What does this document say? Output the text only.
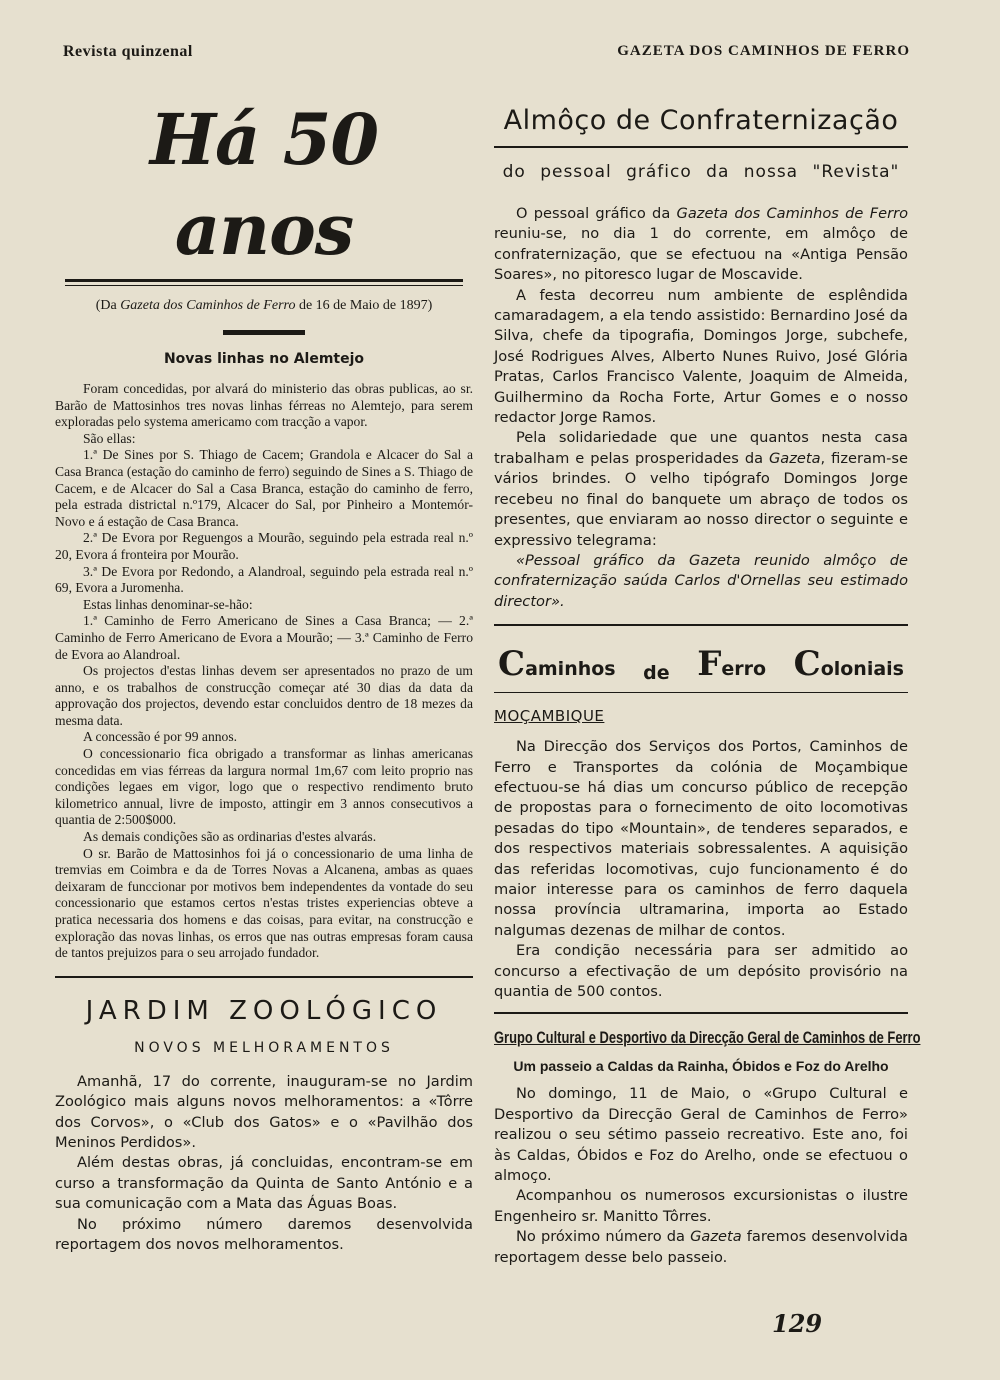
Revista quinzenal	GAZETA DOS CAMINHOS DE FERRO
Há 50 anos
(Da Gazeta dos Caminhos de Ferro de 16 de Maio de 1897)
Novas linhas no Alemtejo

Foram concedidas, por alvará do ministerio das obras publicas, ao sr. Barão de Mattosinhos tres novas linhas férreas no Alemtejo, para serem exploradas pelo systema americamo com tracção a vapor.

São ellas:

1.ª De Sines por S. Thiago de Cacem; Grandola e Alcacer do Sal a Casa Branca (estação do caminho de ferro) seguindo de Sines a S. Thiago de Cacem, e de Alcacer do Sal a Casa Branca, estação do caminho de ferro, pela estrada districtal n.º179, Alcacer do Sal, por Pinheiro a Montemór-Novo e á estação de Casa Branca.

2.ª De Evora por Reguengos a Mourão, seguindo pela estrada real n.º 20, Evora á fronteira por Mourão.

3.ª De Evora por Redondo, a Alandroal, seguindo pela estrada real n.º 69, Evora a Juromenha.

Estas linhas denominar-se-hão:

1.ª Caminho de Ferro Americano de Sines a Casa Branca; — 2.ª Caminho de Ferro Americano de Evora a Mourão; — 3.ª Caminho de Ferro de Evora ao Alandroal.

Os projectos d'estas linhas devem ser apresentados no prazo de um anno, e os trabalhos de construcção começar até 30 dias da data da approvação dos projectos, devendo estar concluidos dentro de 18 mezes da mesma data.

A concessão é por 99 annos.

O concessionario fica obrigado a transformar as linhas americanas concedidas em vias férreas da largura normal 1m,67 com leito proprio nas condições legaes em vigor, logo que o respectivo rendimento bruto kilometrico annual, livre de imposto, attingir em 3 annos consecutivos a quantia de 2:500$000.

As demais condições são as ordinarias d'estes alvarás.

O sr. Barão de Mattosinhos foi já o concessionario de uma linha de tremvias em Coimbra e da de Torres Novas a Alcanena, ambas as quaes deixaram de funccionar por motivos bem independentes da vontade do seu concessionario que estamos certos n'estas tristes experiencias obteve a pratica necessaria dos homens e das coisas, para evitar, na construcção e exploração das novas linhas, os erros que nas outras empresas foram causa de tantos prejuizos para o seu arrojado fundador.

JARDIM ZOOLÓGICO
NOVOS MELHORAMENTOS

Amanhã, 17 do corrente, inauguram-se no Jardim Zoológico mais alguns novos melhoramentos: a «Tôrre dos Corvos», o «Club dos Gatos» e o «Pavilhão dos Meninos Perdidos».

Além destas obras, já concluidas, encontram-se em curso a transformação da Quinta de Santo António e a sua comunicação com a Mata das Águas Boas.

No próximo número daremos desenvolvida reportagem dos novos melhoramentos.

Almôço de Confraternização
do pessoal gráfico da nossa "Revista"

O pessoal gráfico da Gazeta dos Caminhos de Ferro reuniu-se, no dia 1 do corrente, em almôço de confraternização, que se efectuou na «Antiga Pensão Soares», no pitoresco lugar de Moscavide.

A festa decorreu num ambiente de esplêndida camaradagem, a ela tendo assistido: Bernardino José da Silva, chefe da tipografia, Domingos Jorge, subchefe, José Rodrigues Alves, Alberto Nunes Ruivo, José Glória Pratas, Carlos Francisco Valente, Joaquim de Almeida, Guilhermino da Rocha Forte, Artur Gomes e o nosso redactor Jorge Ramos.

Pela solidariedade que une quantos nesta casa trabalham e pelas prosperidades da Gazeta, fizeram-se vários brindes. O velho tipógrafo Domingos Jorge recebeu no final do banquete um abraço de todos os presentes, que enviaram ao nosso director o seguinte e expressivo telegrama:

«Pessoal gráfico da Gazeta reunido almôço de confraternização saúda Carlos d'Ornellas seu estimado director».

Caminhos de Ferro Coloniais
MOÇAMBIQUE

Na Direcção dos Serviços dos Portos, Caminhos de Ferro e Transportes da colónia de Moçambique efectuou-se há dias um concurso público de recepção de propostas para o fornecimento de oito locomotivas pesadas do tipo «Mountain», de tenderes separados, e dos respectivos materiais sobressalentes. A aquisição das referidas locomotivas, cujo funcionamento é do maior interesse para os caminhos de ferro daquela nossa província ultramarina, importa ao Estado nalgumas dezenas de milhar de contos.

Era condição necessária para ser admitido ao concurso a efectivação de um depósito provisório na quantia de 500 contos.

Grupo Cultural e Desportivo da Direcção Geral de Caminhos de Ferro
Um passeio a Caldas da Rainha, Óbidos e Foz do Arelho

No domingo, 11 de Maio, o «Grupo Cultural e Desportivo da Direcção Geral de Caminhos de Ferro» realizou o seu sétimo passeio recreativo. Este ano, foi às Caldas, Óbidos e Foz do Arelho, onde se efectuou o almoço.

Acompanhou os numerosos excursionistas o ilustre Engenheiro sr. Manitto Tôrres.

No próximo número da Gazeta faremos desenvolvida reportagem desse belo passeio.

129
